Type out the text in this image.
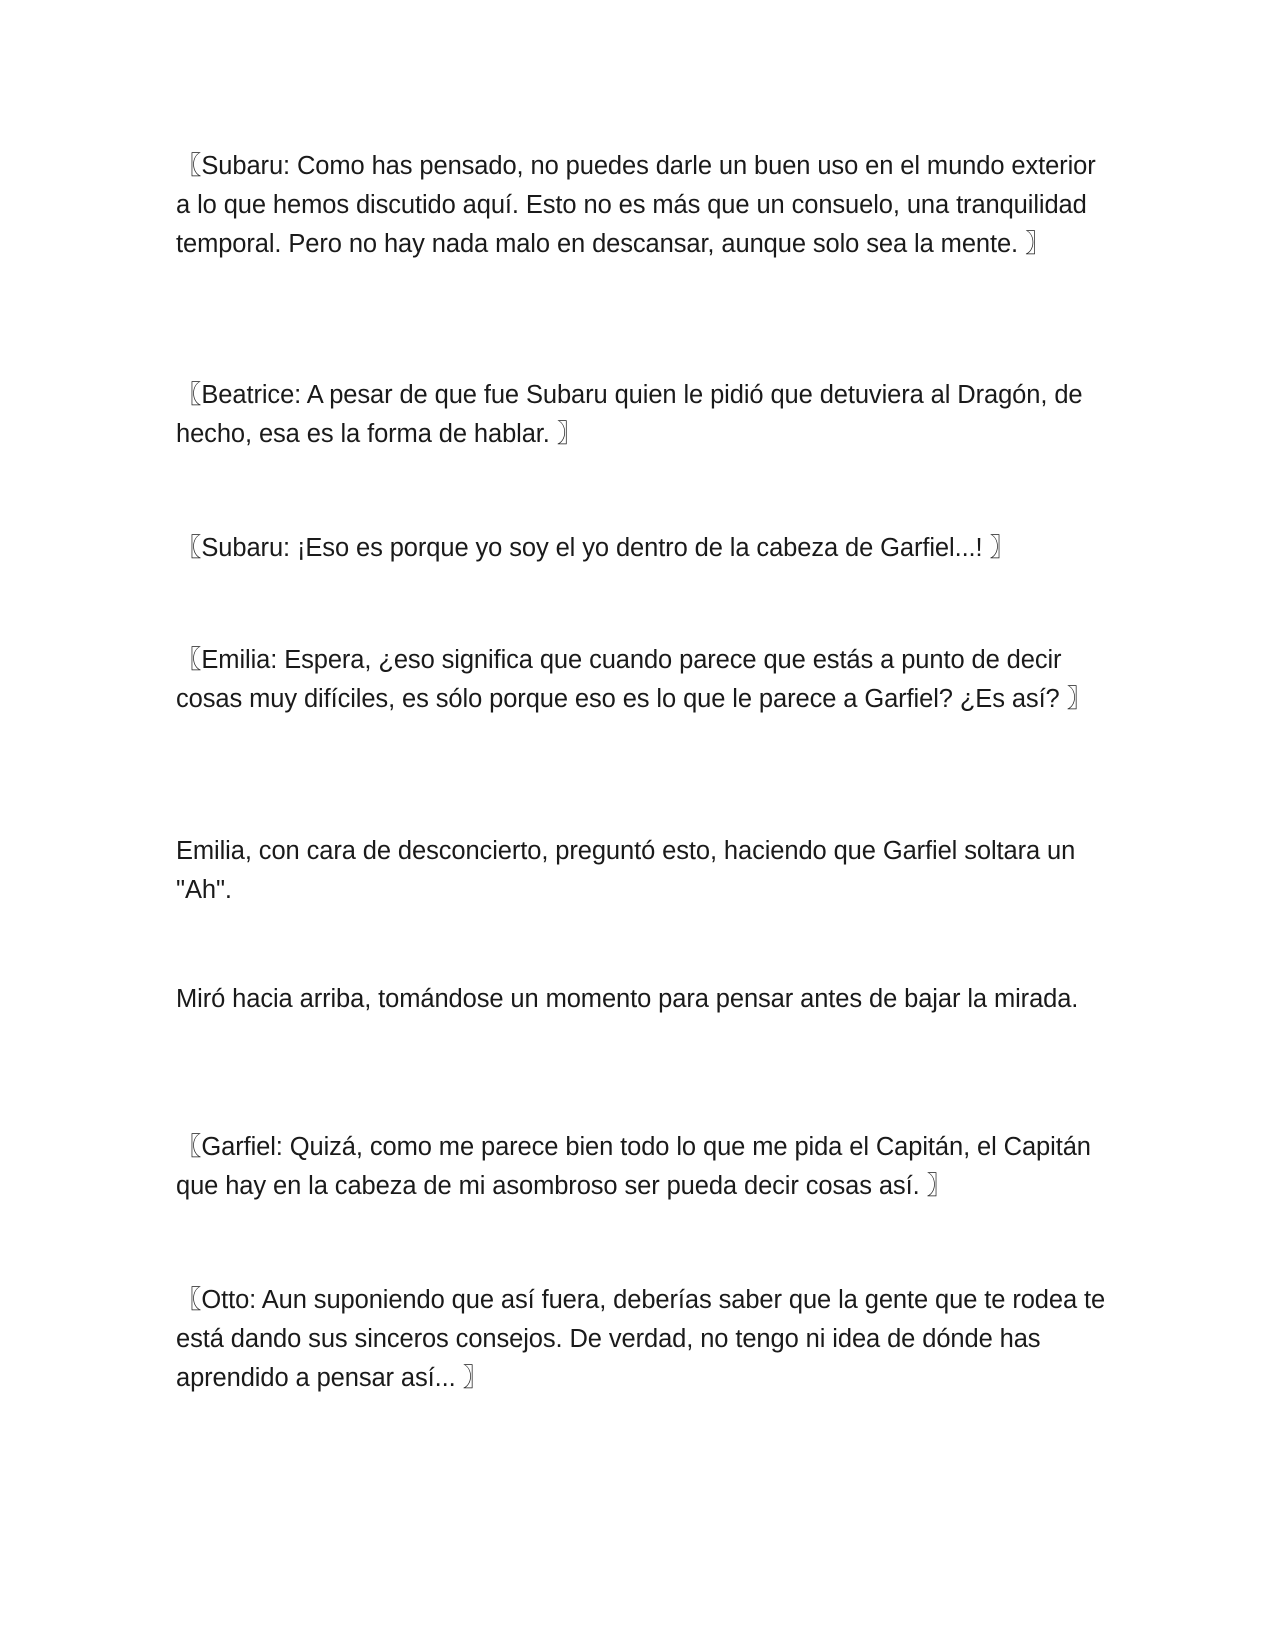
〖Subaru: Como has pensado, no puedes darle un buen uso en el mundo exterior a lo que hemos discutido aquí. Esto no es más que un consuelo, una tranquilidad temporal. Pero no hay nada malo en descansar, aunque solo sea la mente. 〗

〖Beatrice: A pesar de que fue Subaru quien le pidió que detuviera al Dragón, de hecho, esa es la forma de hablar. 〗

〖Subaru: ¡Eso es porque yo soy el yo dentro de la cabeza de Garfiel...! 〗

〖Emilia: Espera, ¿eso significa que cuando parece que estás a punto de decir cosas muy difíciles, es sólo porque eso es lo que le parece a Garfiel? ¿Es así? 〗

Emilia, con cara de desconcierto, preguntó esto, haciendo que Garfiel soltara un "Ah".

Miró hacia arriba, tomándose un momento para pensar antes de bajar la mirada.

〖Garfiel: Quizá, como me parece bien todo lo que me pida el Capitán, el Capitán que hay en la cabeza de mi asombroso ser pueda decir cosas así. 〗

〖Otto: Aun suponiendo que así fuera, deberías saber que la gente que te rodea te está dando sus sinceros consejos. De verdad, no tengo ni idea de dónde has aprendido a pensar así... 〗
